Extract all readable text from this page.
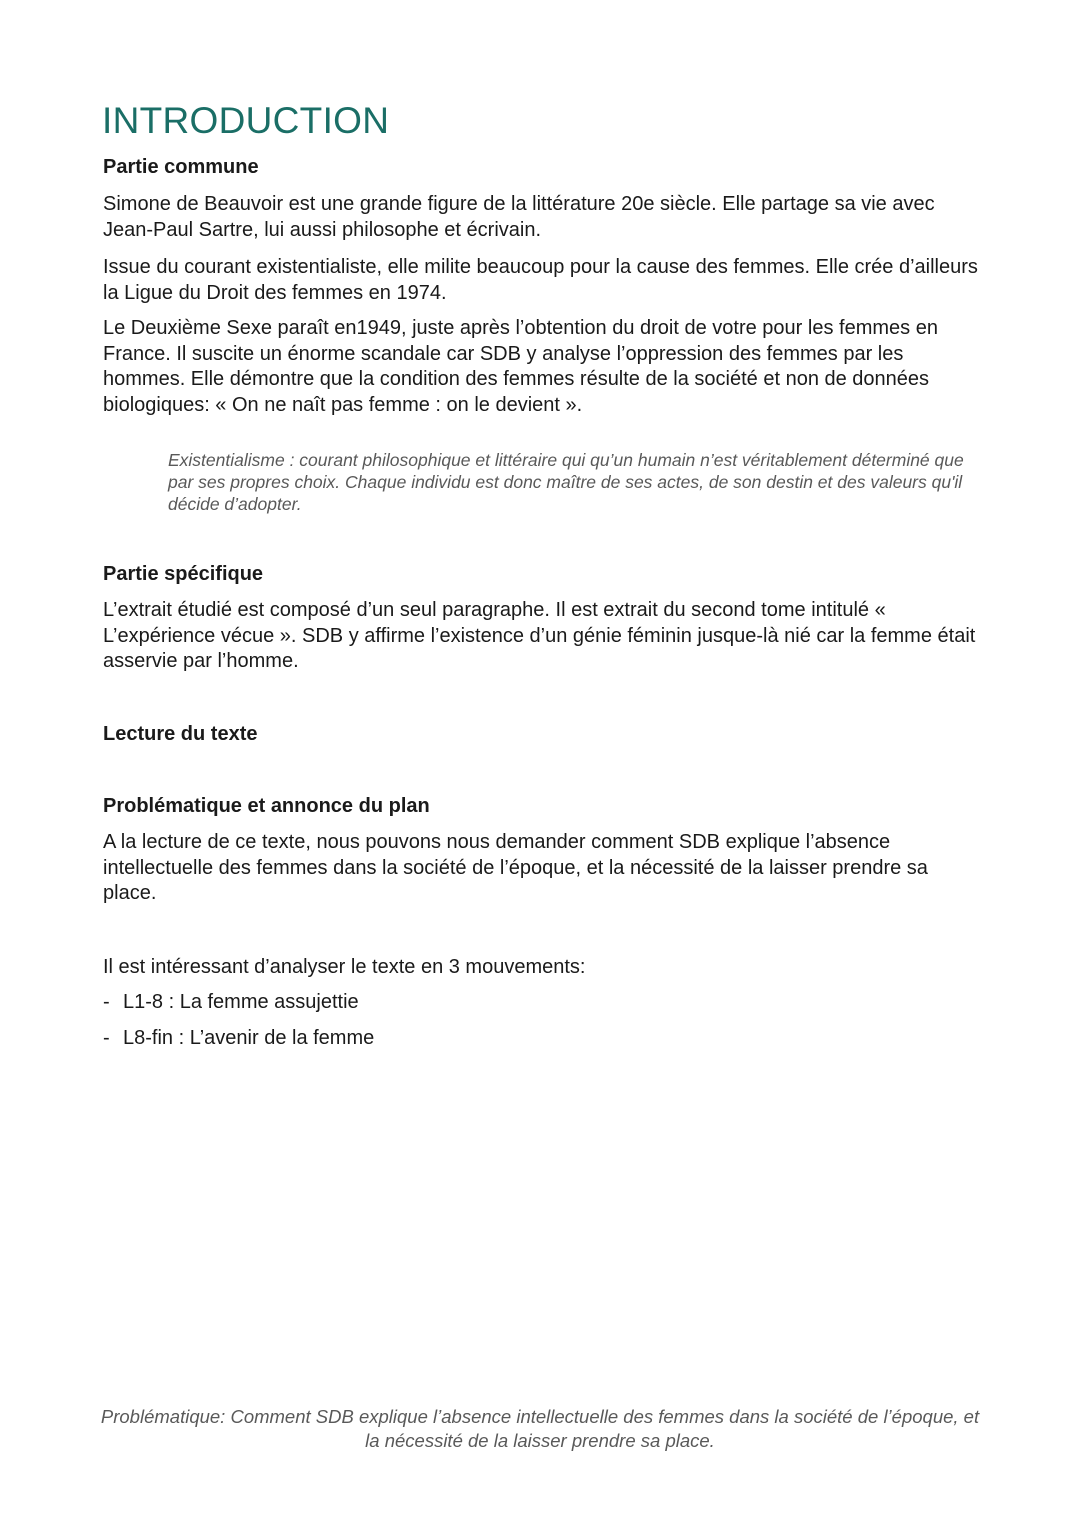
INTRODUCTION
Partie commune

Simone de Beauvoir est une grande figure de la littérature 20e siècle. Elle partage sa vie avec Jean-Paul Sartre, lui aussi philosophe et écrivain.

Issue du courant existentialiste, elle milite beaucoup pour la cause des femmes. Elle crée d’ailleurs la Ligue du Droit des femmes en 1974.

Le Deuxième Sexe paraît en1949, juste après l’obtention du droit de votre pour les femmes en France. Il suscite un énorme scandale car SDB y analyse l’oppression des femmes par les hommes. Elle démontre que la condition des femmes résulte de la société et non de données biologiques: « On ne naît pas femme : on le devient ».

Existentialisme : courant philosophique et littéraire qui qu’un humain n’est véritablement déterminé que par ses propres choix. Chaque individu est donc maître de ses actes, de son destin et des valeurs qu'il décide d’adopter.

Partie spécifique

L’extrait étudié est composé d’un seul paragraphe. Il est extrait du second tome intitulé « L’expérience vécue ». SDB y affirme l’existence d’un génie féminin jusque-là nié car la femme était asservie par l’homme.

Lecture du texte
Problématique et annonce du plan

A la lecture de ce texte, nous pouvons nous demander comment SDB explique l’absence intellectuelle des femmes dans la société de l’époque, et la nécessité de la laisser prendre sa place.

Il est intéressant d’analyser le texte en 3 mouvements:

- L1-8 : La femme assujettie

- L8-fin : L’avenir de la femme

Problématique: Comment SDB explique l’absence intellectuelle des femmes dans la société de l’époque, et la nécessité de la laisser prendre sa place.
